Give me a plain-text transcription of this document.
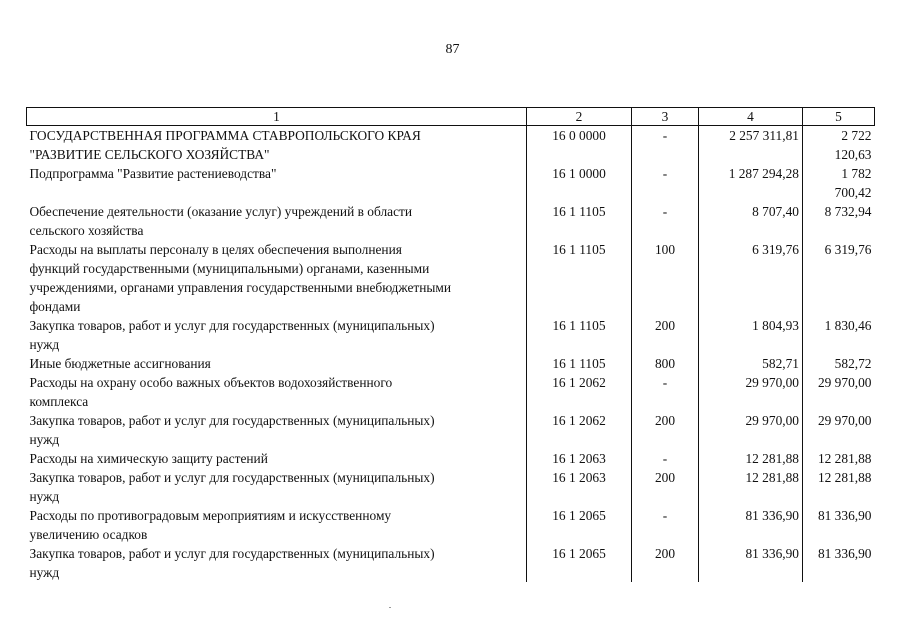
87
1	2	3	4	5

ГОСУДАРСТВЕННАЯ ПРОГРАММА СТАВРОПОЛЬСКОГО КРАЯ
"РАЗВИТИЕ СЕЛЬСКОГО ХОЗЯЙСТВА"	16 0 0000	-	2 257 311,81	2 722 120,63

Подпрограмма "Развитие растениеводства"	16 1 0000	-	1 287 294,28	1 782 700,42

Обеспечение деятельности (оказание услуг) учреждений в области
сельского хозяйства	16 1 1105	-	8 707,40	8 732,94

Расходы на выплаты персоналу в целях обеспечения выполнения
функций государственными (муниципальными) органами, казенными
учреждениями, органами управления государственными внебюджетными
фондами	16 1 1105	100	6 319,76	6 319,76

Закупка товаров, работ и услуг для государственных (муниципальных)
нужд	16 1 1105	200	1 804,93	1 830,46

Иные бюджетные ассигнования	16 1 1105	800	582,71	582,72

Расходы на охрану особо важных объектов водохозяйственного
комплекса	16 1 2062	-	29 970,00	29 970,00

Закупка товаров, работ и услуг для государственных (муниципальных)
нужд	16 1 2062	200	29 970,00	29 970,00

Расходы на химическую защиту растений	16 1 2063	-	12 281,88	12 281,88

Закупка товаров, работ и услуг для государственных (муниципальных)
нужд	16 1 2063	200	12 281,88	12 281,88

Расходы по противоградовым мероприятиям и искусственному
увеличению осадков	16 1 2065	-	81 336,90	81 336,90

Закупка товаров, работ и услуг для государственных (муниципальных)
нужд	16 1 2065	200	81 336,90	81 336,90
